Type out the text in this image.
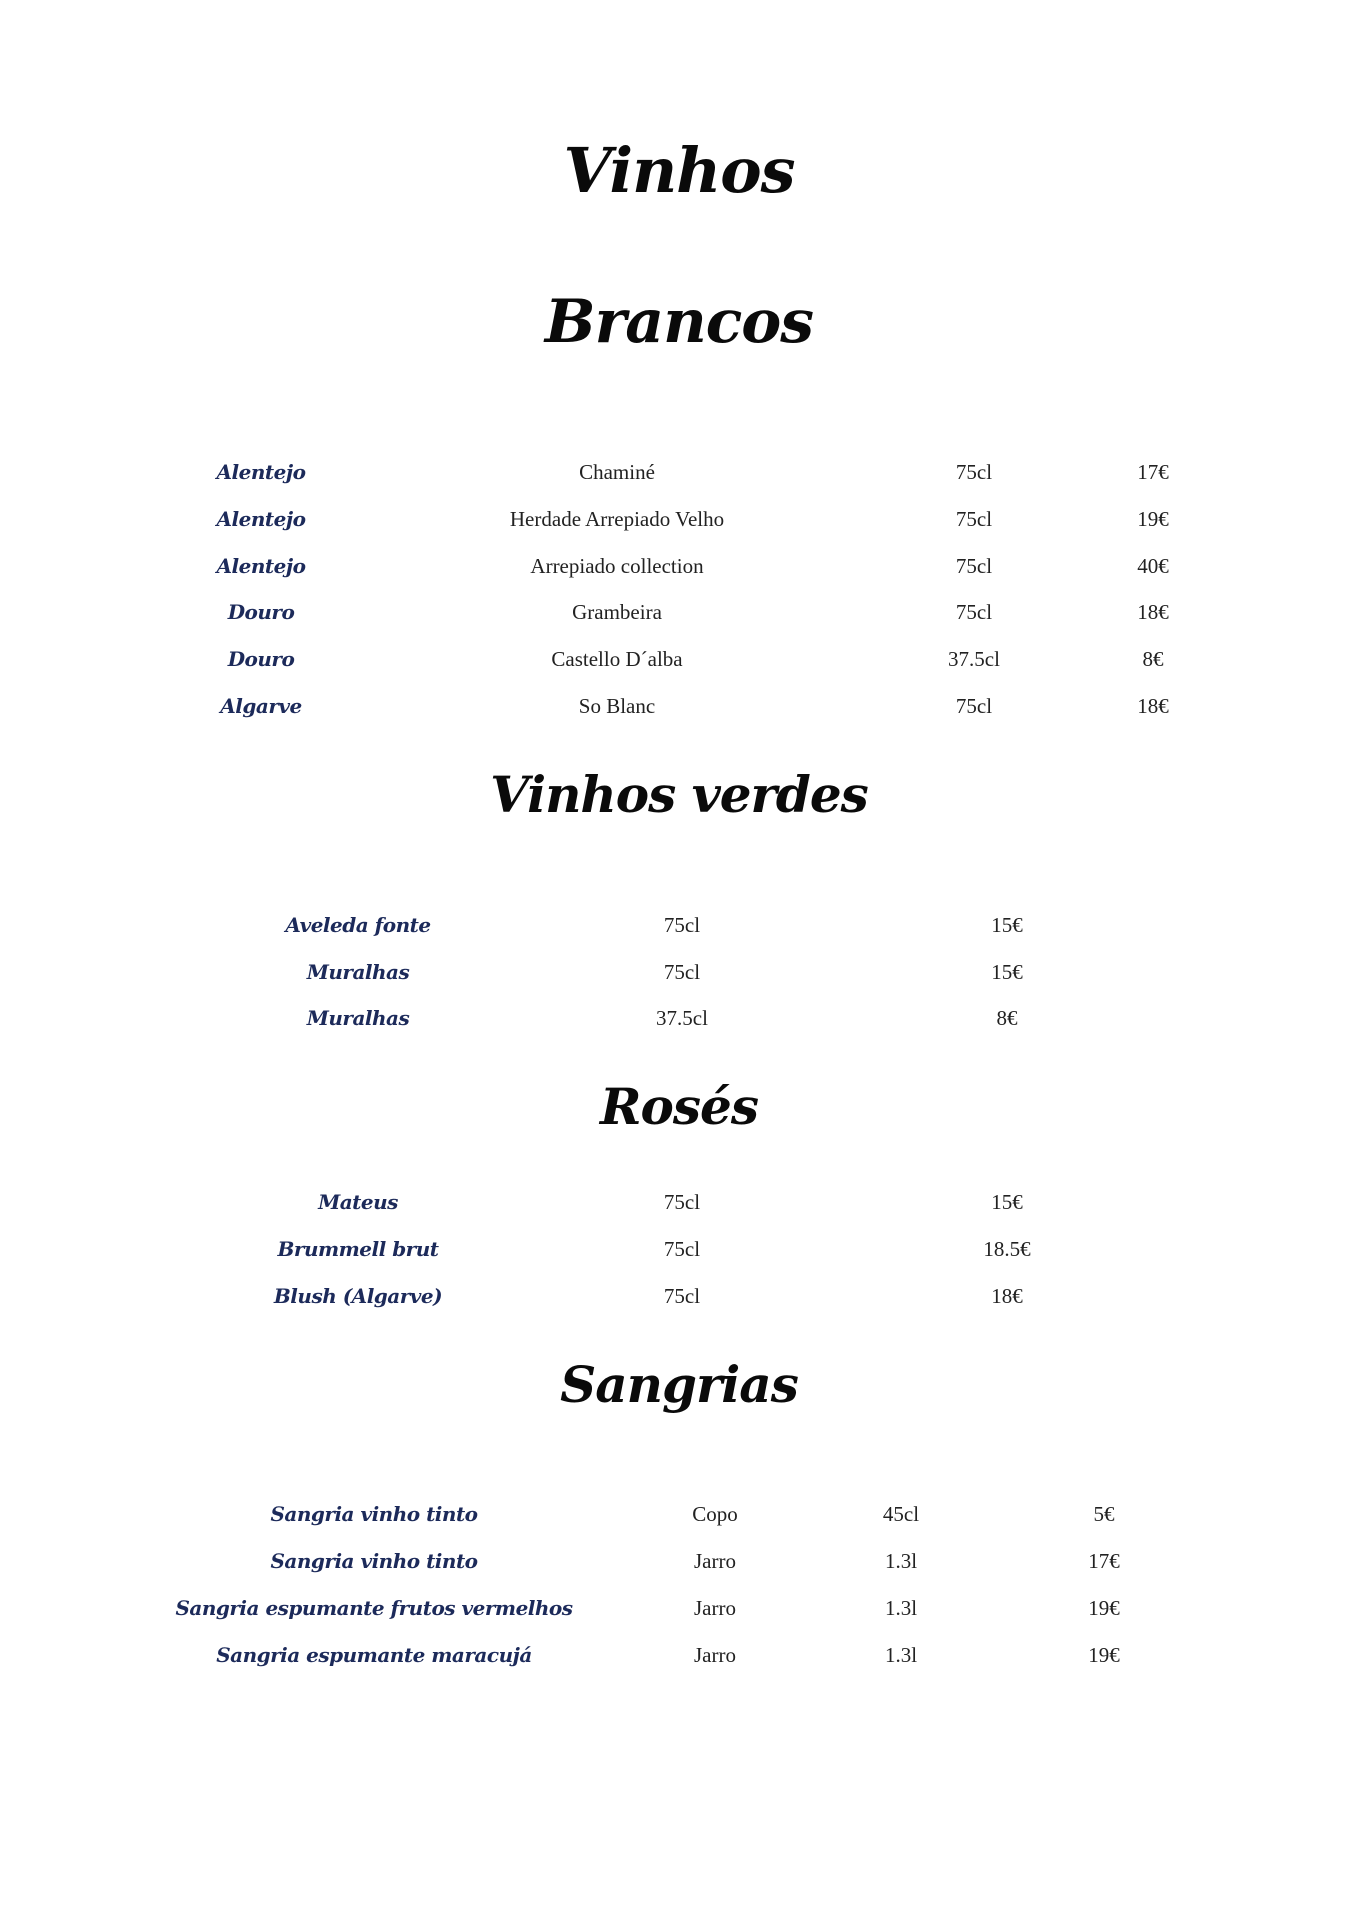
Vinhos
Brancos
Alentejo	Chaminé	75cl	17€
Alentejo	Herdade Arrepiado Velho	75cl	19€
Alentejo	Arrepiado collection	75cl	40€
Douro	Grambeira	75cl	18€
Douro	Castello D´alba	37.5cl	8€
Algarve	So Blanc	75cl	18€
Vinhos verdes
Aveleda fonte	75cl	15€
Muralhas	75cl	15€
Muralhas	37.5cl	8€
Rosés
Mateus	75cl	15€
Brummell brut	75cl	18.5€
Blush (Algarve)	75cl	18€
Sangrias
Sangria vinho tinto	Copo	45cl	5€
Sangria vinho tinto	Jarro	1.3l	17€
Sangria espumante frutos vermelhos	Jarro	1.3l	19€
Sangria espumante maracujá	Jarro	1.3l	19€
